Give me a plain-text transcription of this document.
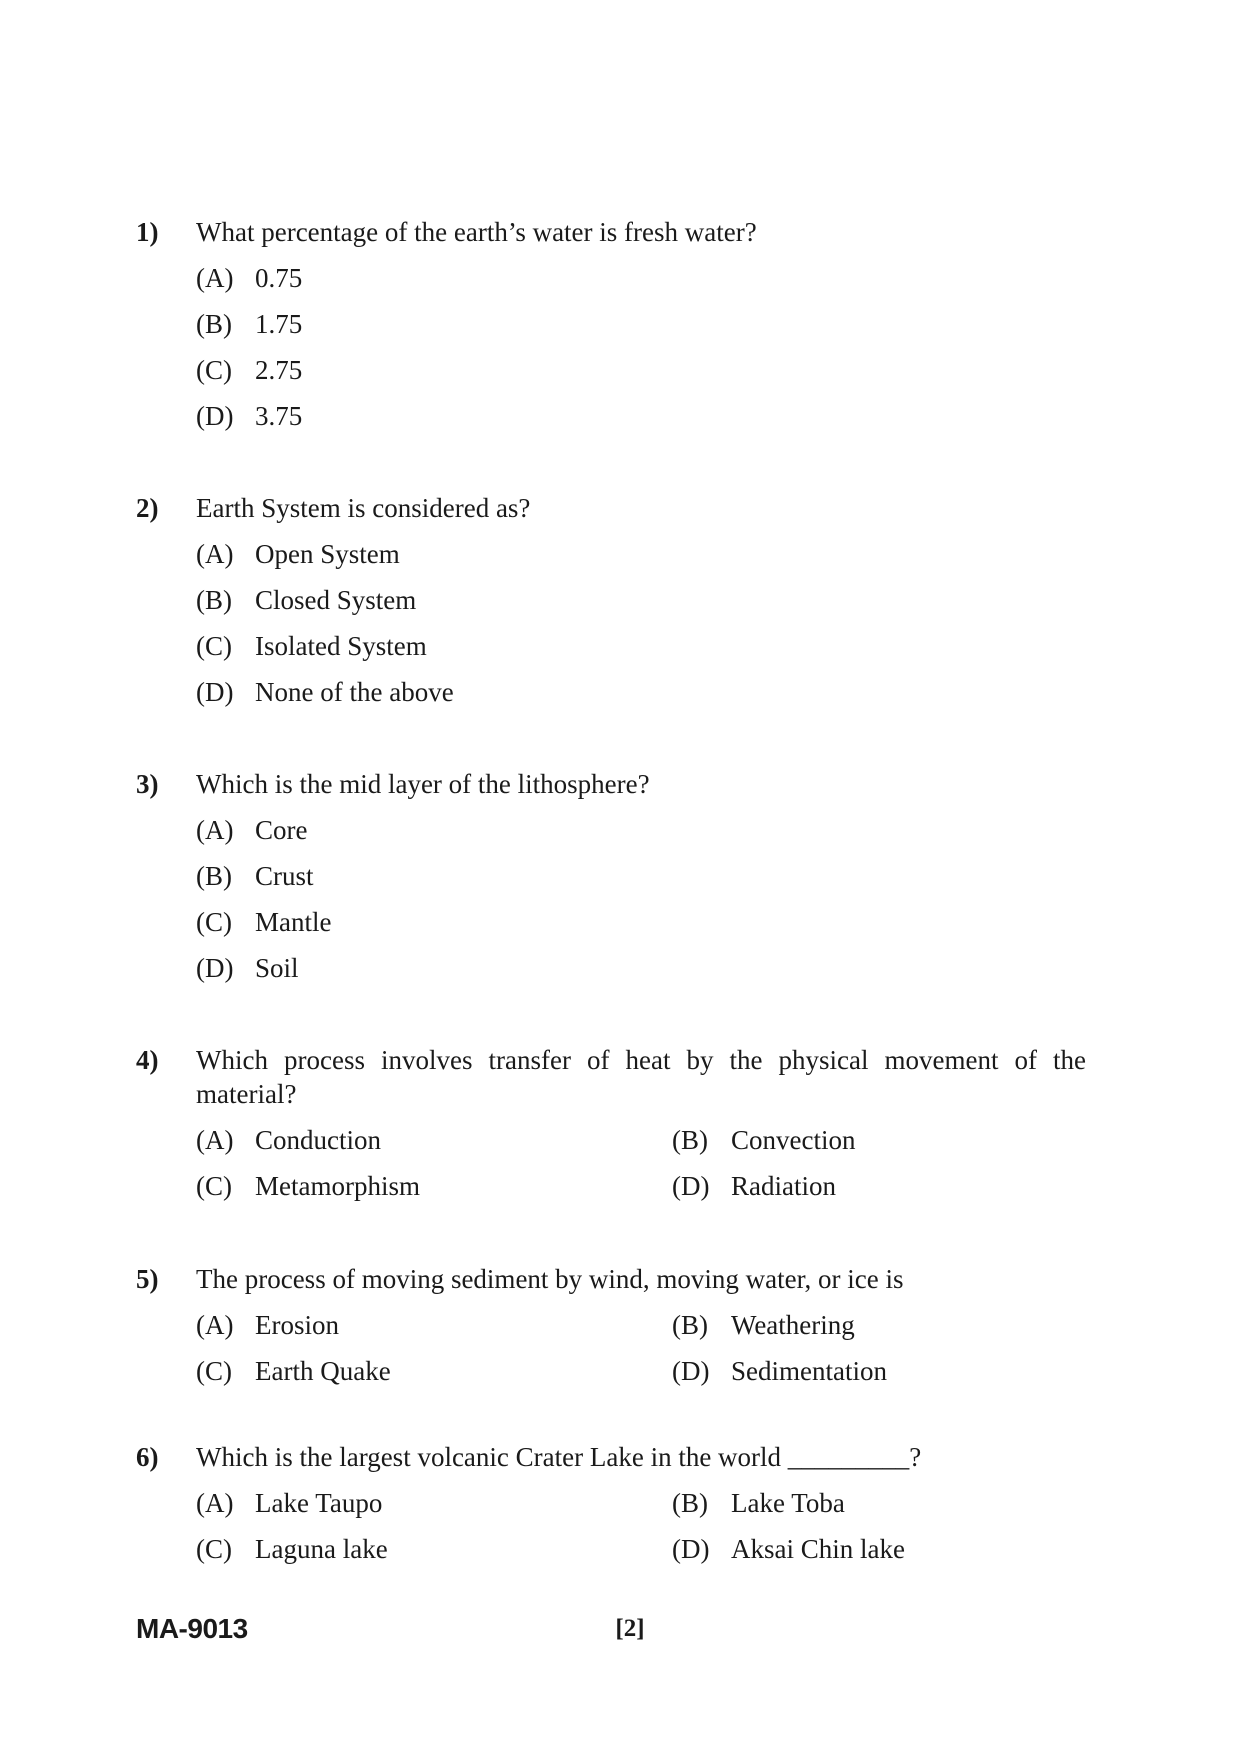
1) What percentage of the earth’s water is fresh water?
(A) 0.75
(B) 1.75
(C) 2.75
(D) 3.75
2) Earth System is considered as?
(A) Open System
(B) Closed System
(C) Isolated System
(D) None of the above
3) Which is the mid layer of the lithosphere?
(A) Core
(B) Crust
(C) Mantle
(D) Soil
4) Which process involves transfer of heat by the physical movement of the material?
(A) Conduction	(B) Convection
(C) Metamorphism	(D) Radiation
5) The process of moving sediment by wind, moving water, or ice is
(A) Erosion	(B) Weathering
(C) Earth Quake	(D) Sedimentation
6) Which is the largest volcanic Crater Lake in the world _________?
(A) Lake Taupo	(B) Lake Toba
(C) Laguna lake	(D) Aksai Chin lake
MA-9013	[2]
